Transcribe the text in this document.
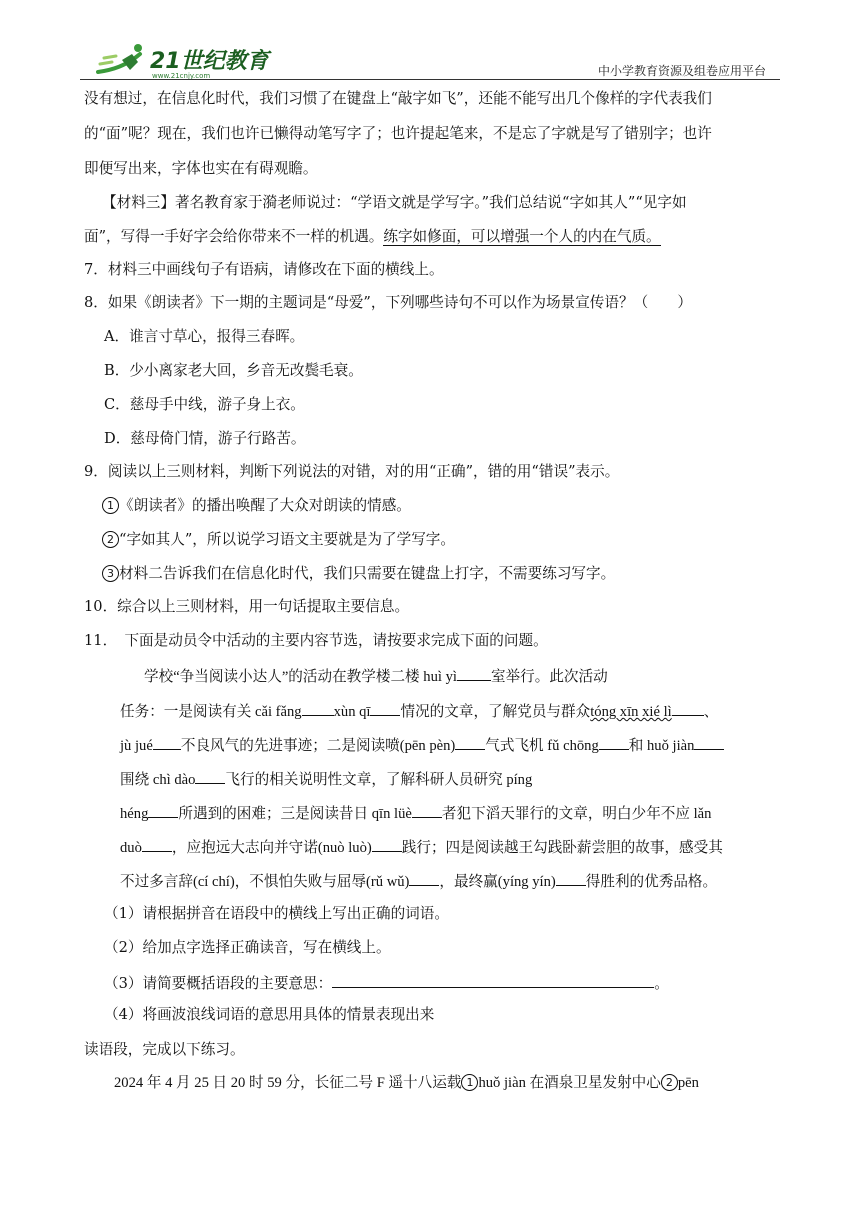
21世纪教育
www.21cnjy.com	中小学教育资源及组卷应用平台
没有想过，在信息化时代，我们习惯了在键盘上“敲字如飞”，还能不能写出几个像样的字代表我们
的“面”呢？现在，我们也许已懒得动笔写字了；也许提起笔来，不是忘了字就是写了错别字；也许
即便写出来，字体也实在有碍观瞻。
【材料三】著名教育家于漪老师说过：“学语文就是学写字。”我们总结说“字如其人”“见字如
面”，写得一手好字会给你带来不一样的机遇。练字如修面，可以增强一个人的内在气质。
7．材料三中画线句子有语病，请修改在下面的横线上。
8．如果《朗读者》下一期的主题词是“母爱”，下列哪些诗句不可以作为场景宣传语？（　　）
A．谁言寸草心，报得三春晖。
B．少小离家老大回，乡音无改鬓毛衰。
C．慈母手中线，游子身上衣。
D．慈母倚门情，游子行路苦。
9．阅读以上三则材料，判断下列说法的对错，对的用“正确”，错的用“错误”表示。
1 《朗读者》的播出唤醒了大众对朗读的情感。
2 “字如其人”，所以说学习语文主要就是为了学写字。
3 材料二告诉我们在信息化时代，我们只需要在键盘上打字，不需要练习写字。
10．综合以上三则材料，用一句话提取主要信息。
11．　下面是动员令中活动的主要内容节选，请按要求完成下面的问题。
学校“争当阅读小达人”的活动在教学楼二楼 huì yì 室举行。此次活动
任务：一是阅读有关 cǎi fǎng xùn qī 情况的文章，了解党员与群众tóng xīn xié lì 、
jù jué 不良风气的先进事迹；二是阅读喷(pēn pèn) 气式飞机 fǔ chōng 和 huǒ jiàn
围绕 chì dào 飞行的相关说明性文章，了解科研人员研究 píng
héng 所遇到的困难；三是阅读昔日 qīn lüè 者犯下滔天罪行的文章，明白少年不应 lǎn
duò ，应抱远大志向并守诺(nuò luò) 践行；四是阅读越王勾践卧薪尝胆的故事，感受其
不过多言辞(cí chí)，不惧怕失败与屈辱(rǔ wǔ) ，最终赢(yíng yín) 得胜利的优秀品格。
（1）请根据拼音在语段中的横线上写出正确的词语。
（2）给加点字选择正确读音，写在横线上。
（3）请简要概括语段的主要意思：	。
（4）将画波浪线词语的意思用具体的情景表现出来
读语段，完成以下练习。
2024 年 4 月 25 日 20 时 59 分，长征二号 F 遥十八运载 1 huǒ jiàn 在酒泉卫星发射中心 2 pēn
